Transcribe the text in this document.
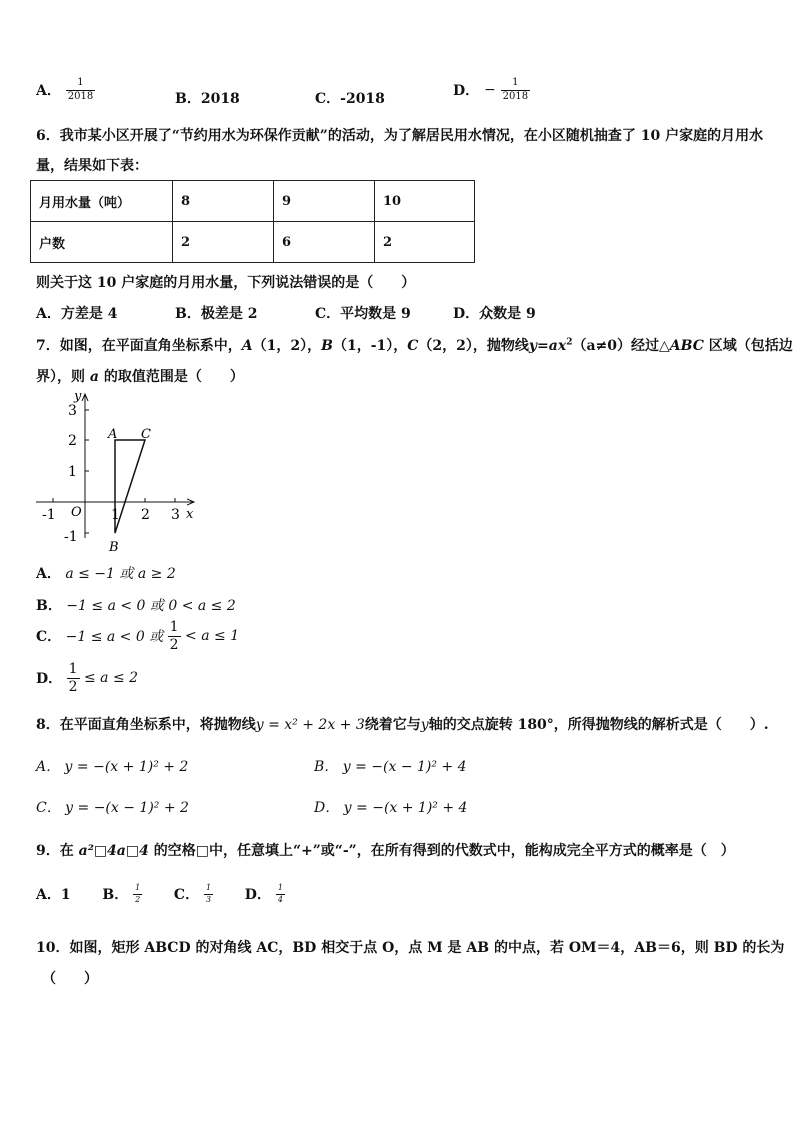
A． $\frac{1}{2018}$	B．2018	C．-2018	D． − $\frac{1}{2018}$
6．我市某小区开展了“节约用水为环保作贡献”的活动，为了解居民用水情况，在小区随机抽查了 10 户家庭的月用水
量，结果如下表：
月用水量（吨）	8	9	10
户数	2	6	2
则关于这 10 户家庭的月用水量，下列说法错误的是（　　）
A．方差是 4	B．极差是 2	C．平均数是 9	D．众数是 9
7．如图，在平面直角坐标系中，A（1，2），B（1，-1），C（2，2），抛物线$y=ax^2(a\ne 0)$经过△ABC 区域（包括边
界），则 a 的取值范围是（　　）
y
x
O
-1	1 2 3
3
2
1
-1
A C
B
A． a ≤ −1 或 a ≥ 2
B． −1 ≤ a < 0 或 0 < a ≤ 2
C． −1 ≤ a < 0 或 $\frac{1}{2} < a \le 1$
D． $\frac{1}{2} \le a \le 2$
8．在平面直角坐标系中，将抛物线y = x² + 2x + 3绕着它与y轴的交点旋转 180°，所得抛物线的解析式是（　　）.
A． y = −(x + 1)² + 2	B． y = −(x − 1)² + 4
C． y = −(x − 1)² + 2	D． y = −(x + 1)² + 4
9．在 a²□4a□4 的空格□中，任意填上“+”或“-”，在所有得到的代数式中，能构成完全平方式的概率是（　）
A．1 B． $\frac{1}{2}$ C． $\frac{1}{3}$ D． $\frac{1}{4}$
10．如图，矩形 ABCD 的对角线 AC，BD 相交于点 O，点 M 是 AB 的中点，若 OM＝4，AB＝6，则 BD 的长为
（　　）
